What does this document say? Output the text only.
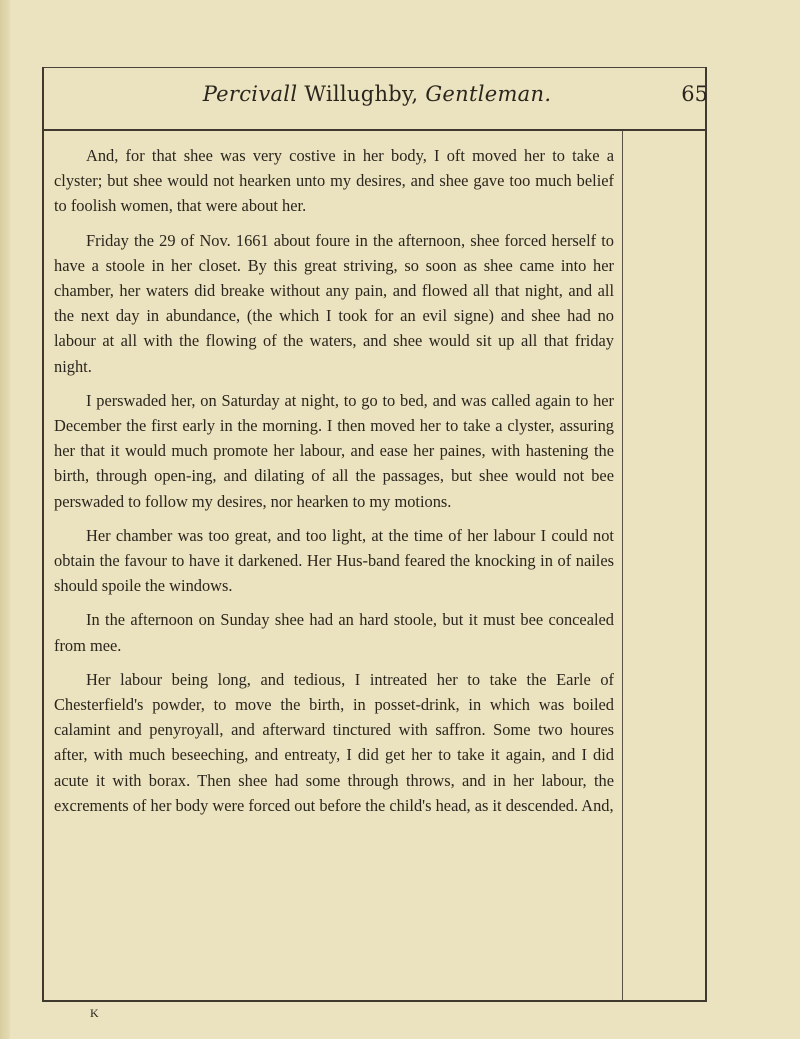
Percivall Willughby, Gentleman.	65

And, for that shee was very costive in her body, I oft moved her to take a clyster; but shee would not hearken unto my desires, and shee gave too much belief to foolish women, that were about her.

Friday the 29 of Nov. 1661 about foure in the afternoon, shee forced herself to have a stoole in her closet. By this great striving, so soon as shee came into her chamber, her waters did breake without any pain, and flowed all that night, and all the next day in abundance, (the which I took for an evil signe) and shee had no labour at all with the flowing of the waters, and shee would sit up all that friday night.

I perswaded her, on Saturday at night, to go to bed, and was called again to her December the first early in the morning. I then moved her to take a clyster, assuring her that it would much promote her labour, and ease her paines, with hastening the birth, through open-ing, and dilating of all the passages, but shee would not bee perswaded to follow my desires, nor hearken to my motions.

Her chamber was too great, and too light, at the time of her labour I could not obtain the favour to have it darkened. Her Hus-band feared the knocking in of nailes should spoile the windows.

In the afternoon on Sunday shee had an hard stoole, but it must bee concealed from mee.

Her labour being long, and tedious, I intreated her to take the Earle of Chesterfield's powder, to move the birth, in posset-drink, in which was boiled calamint and penyroyall, and afterward tinctured with saffron. Some two houres after, with much beseeching, and entreaty, I did get her to take it again, and I did acute it with borax. Then shee had some through throws, and in her labour, the excrements of her body were forced out before the child's head, as it descended. And,

K
